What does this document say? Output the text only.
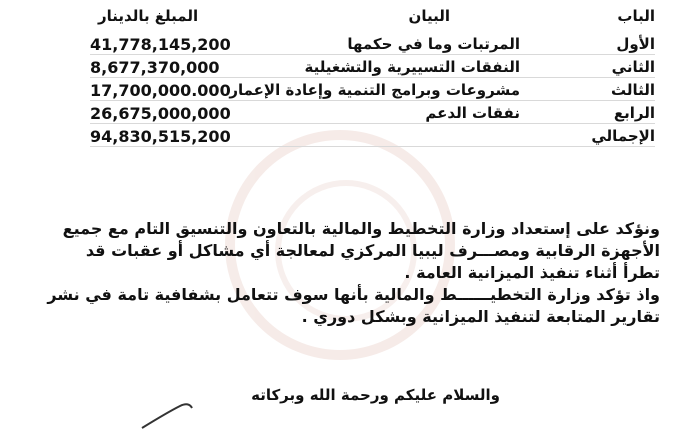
الباب
البيان
المبلغ بالدينار
الأول
المرتبات وما في حكمها
41,778,145,200
الثاني
النفقات التسييرية والتشغيلية
8,677,370,000
الثالث
مشروعات وبرامج التنمية وإعادة الإعمار
17,700,000.000
الرابع
نفقات الدعم
26,675,000,000
الإجمالي
94,830,515,200

ونؤكد على إستعداد وزارة التخطيط والمالية بالتعاون والتنسيق التام مع جميع

الأجهزة الرقابية ومصـــرف ليبيا المركزي لمعالجة أي مشاكل أو عقبات قد

تطرأ أثناء تنفيذ الميزانية العامة .

واذ تؤكد وزارة التخطيــــــط والمالية بأنها سوف تتعامل بشفافية تامة في نشر

تقارير المتابعة لتنفيذ الميزانية وبشكل دوري .

والسلام عليكم ورحمة الله وبركاته
